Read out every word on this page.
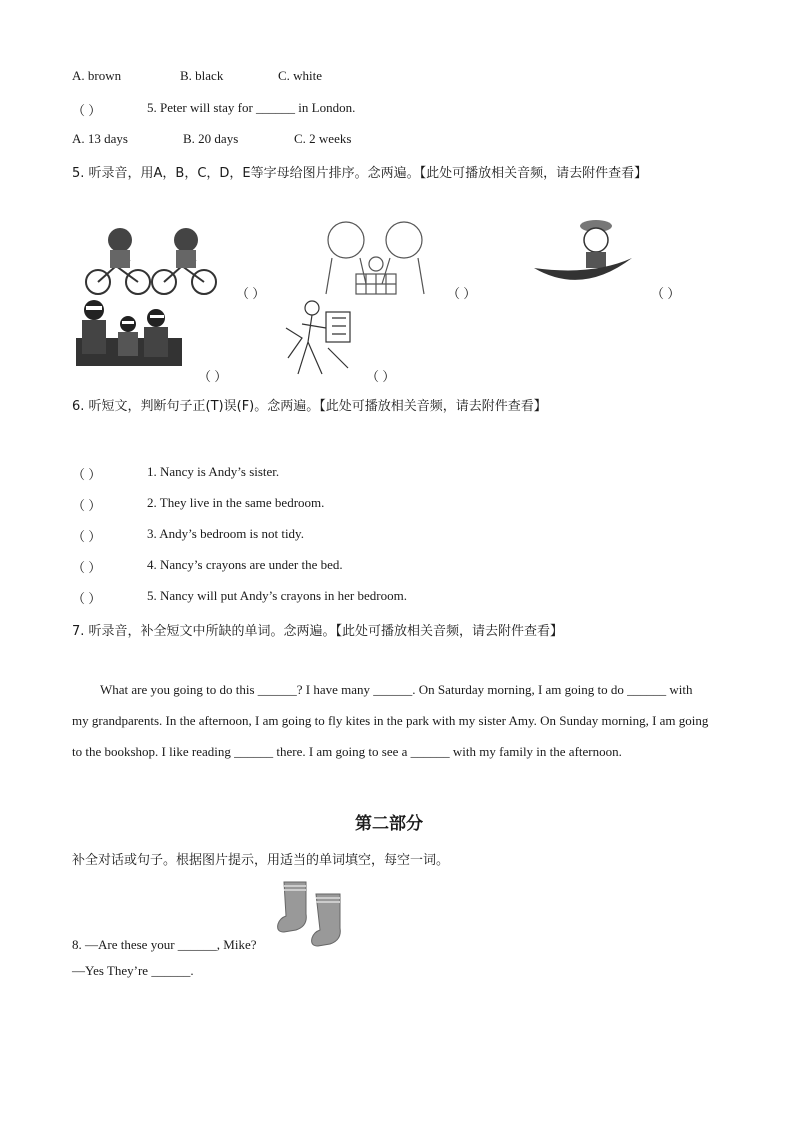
A. brown	B. black	C. white
（ ）	5. Peter will stay for ______ in London.
A. 13 days	B. 20 days	C. 2 weeks
5. 听录音，用A，B，C，D，E等字母给图片排序。念两遍。【此处可播放相关音频，请去附件查看】
（ ）	（ ）	（ ）
（ ）	（ ）
6. 听短文，判断句子正(T)误(F)。念两遍。【此处可播放相关音频，请去附件查看】
（ ）	1. Nancy is Andy’s sister.
（ ）	2. They live in the same bedroom.
（ ）	3. Andy’s bedroom is not tidy.
（ ）	4. Nancy’s crayons are under the bed.
（ ）	5. Nancy will put Andy’s crayons in her bedroom.
7. 听录音，补全短文中所缺的单词。念两遍。【此处可播放相关音频，请去附件查看】
What are you going to do this ______? I have many ______. On Saturday morning, I am going to do ______ with my grandparents. In the afternoon, I am going to fly kites in the park with my sister Amy. On Sunday morning, I am going to the bookshop. I like reading ______ there. I am going to see a ______ with my family in the afternoon.
第二部分
补全对话或句子。根据图片提示，用适当的单词填空，每空一词。
8. —Are these your ______, Mike?
—Yes They’re ______.
